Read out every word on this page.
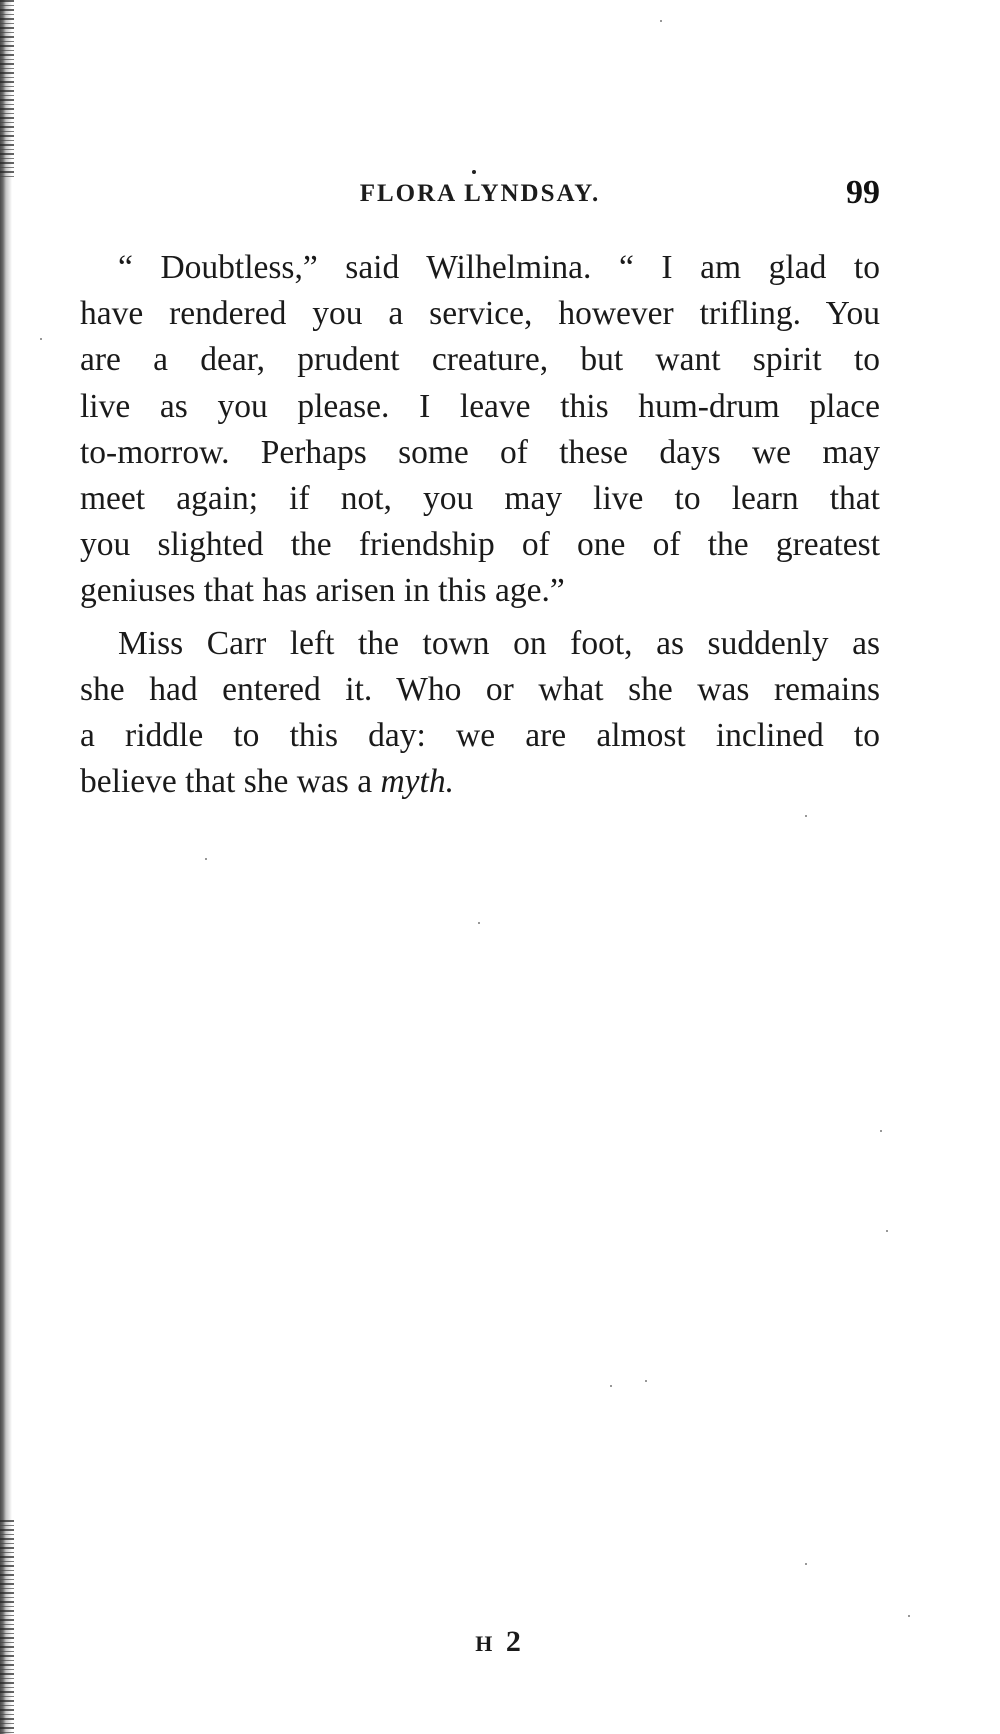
FLORA LYNDSAY.	99

“ Doubtless,” said Wilhelmina. “ I am glad to
have rendered you a service, however trifling. You
are a dear, prudent creature, but want spirit to
live as you please. I leave this hum-drum place
to-morrow. Perhaps some of these days we may
meet again; if not, you may live to learn that
you slighted the friendship of one of the greatest
geniuses that has arisen in this age.”

Miss Carr left the town on foot, as suddenly as
she had entered it. Who or what she was remains
a riddle to this day: we are almost inclined to
believe that she was a myth.

H 2
